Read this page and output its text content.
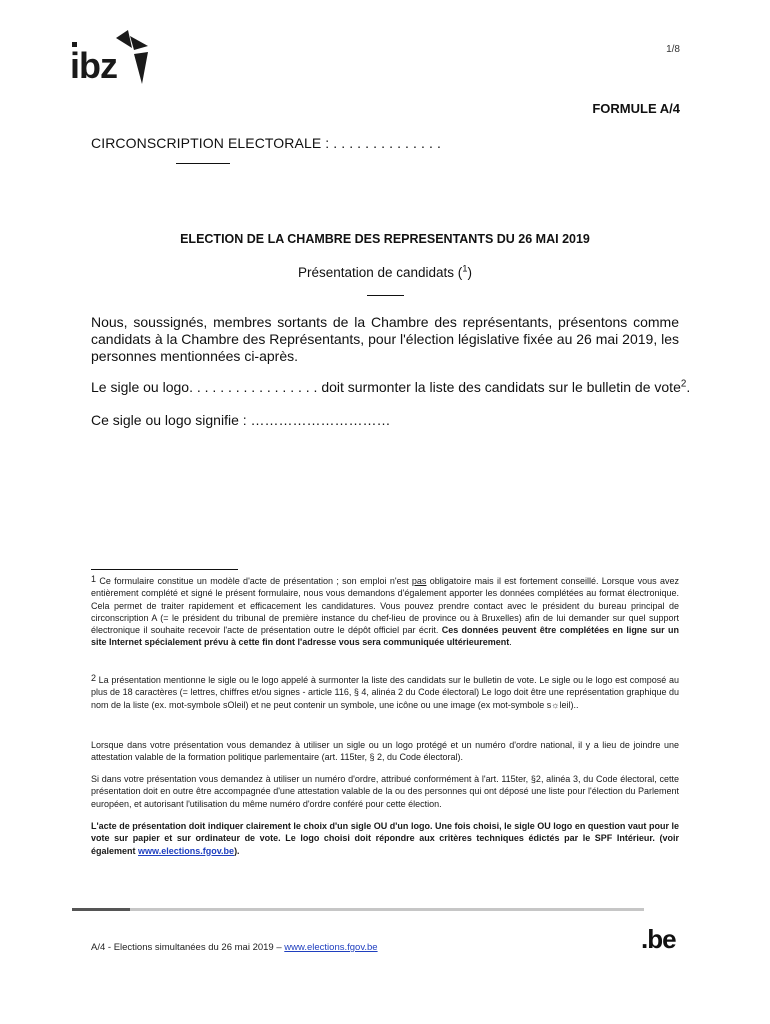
ibz	1/8
FORMULE A/4
CIRCONSCRIPTION ELECTORALE : . . . . . . . . . . . . . .
ELECTION DE LA CHAMBRE DES REPRESENTANTS DU 26 MAI 2019
Présentation de candidats ($^1$)
Nous, soussignés, membres sortants de la Chambre des représentants, présentons comme candidats à la Chambre des Représentants, pour l'élection législative fixée au 26 mai 2019, les personnes mentionnées ci-après.
Le sigle ou logo. . . . . . . . . . . . . . . . . doit surmonter la liste des candidats sur le bulletin de vote$^2$.
Ce sigle ou logo signifie : …………………………
$^1$ Ce formulaire constitue un modèle d'acte de présentation ; son emploi n'est pas obligatoire mais il est fortement conseillé. Lorsque vous avez entièrement complété et signé le présent formulaire, nous vous demandons d'également apporter les données complétées au format électronique. Cela permet de traiter rapidement et efficacement les candidatures. Vous pouvez prendre contact avec le président du bureau principal de circonscription A (= le président du tribunal de première instance du chef-lieu de province ou à Bruxelles) afin de lui demander sur quel support électronique il souhaite recevoir l'acte de présentation outre le dépôt officiel par écrit. Ces données peuvent être complétées en ligne sur un site Internet spécialement prévu à cette fin dont l'adresse vous sera communiquée ultérieurement.
$^2$ La présentation mentionne le sigle ou le logo appelé à surmonter la liste des candidats sur le bulletin de vote. Le sigle ou le logo est composé au plus de 18 caractères (= lettres, chiffres et/ou signes - article 116, § 4, alinéa 2 du Code électoral) Le logo doit être une représentation graphique du nom de la liste (ex. mot-symbole sOleil) et ne peut contenir un symbole, une icône ou une image (ex mot-symbole s☼leil)..
Lorsque dans votre présentation vous demandez à utiliser un sigle ou un logo protégé et un numéro d'ordre national, il y a lieu de joindre une attestation valable de la formation politique parlementaire (art. 115ter, § 2, du Code électoral).
Si dans votre présentation vous demandez à utiliser un numéro d'ordre, attribué conformément à l'art. 115ter, §2, alinéa 3, du Code électoral, cette présentation doit en outre être accompagnée d'une attestation valable de la ou des personnes qui ont déposé une liste pour l'élection du Parlement européen, et autorisant l'utilisation du même numéro d'ordre conféré pour cette élection.
L'acte de présentation doit indiquer clairement le choix d'un sigle OU d'un logo. Une fois choisi, le sigle OU logo en question vaut pour le vote sur papier et sur ordinateur de vote. Le logo choisi doit répondre aux critères techniques édictés par le SPF Intérieur. (voir également www.elections.fgov.be).
A/4 - Elections simultanées du 26 mai 2019 – www.elections.fgov.be	.be
